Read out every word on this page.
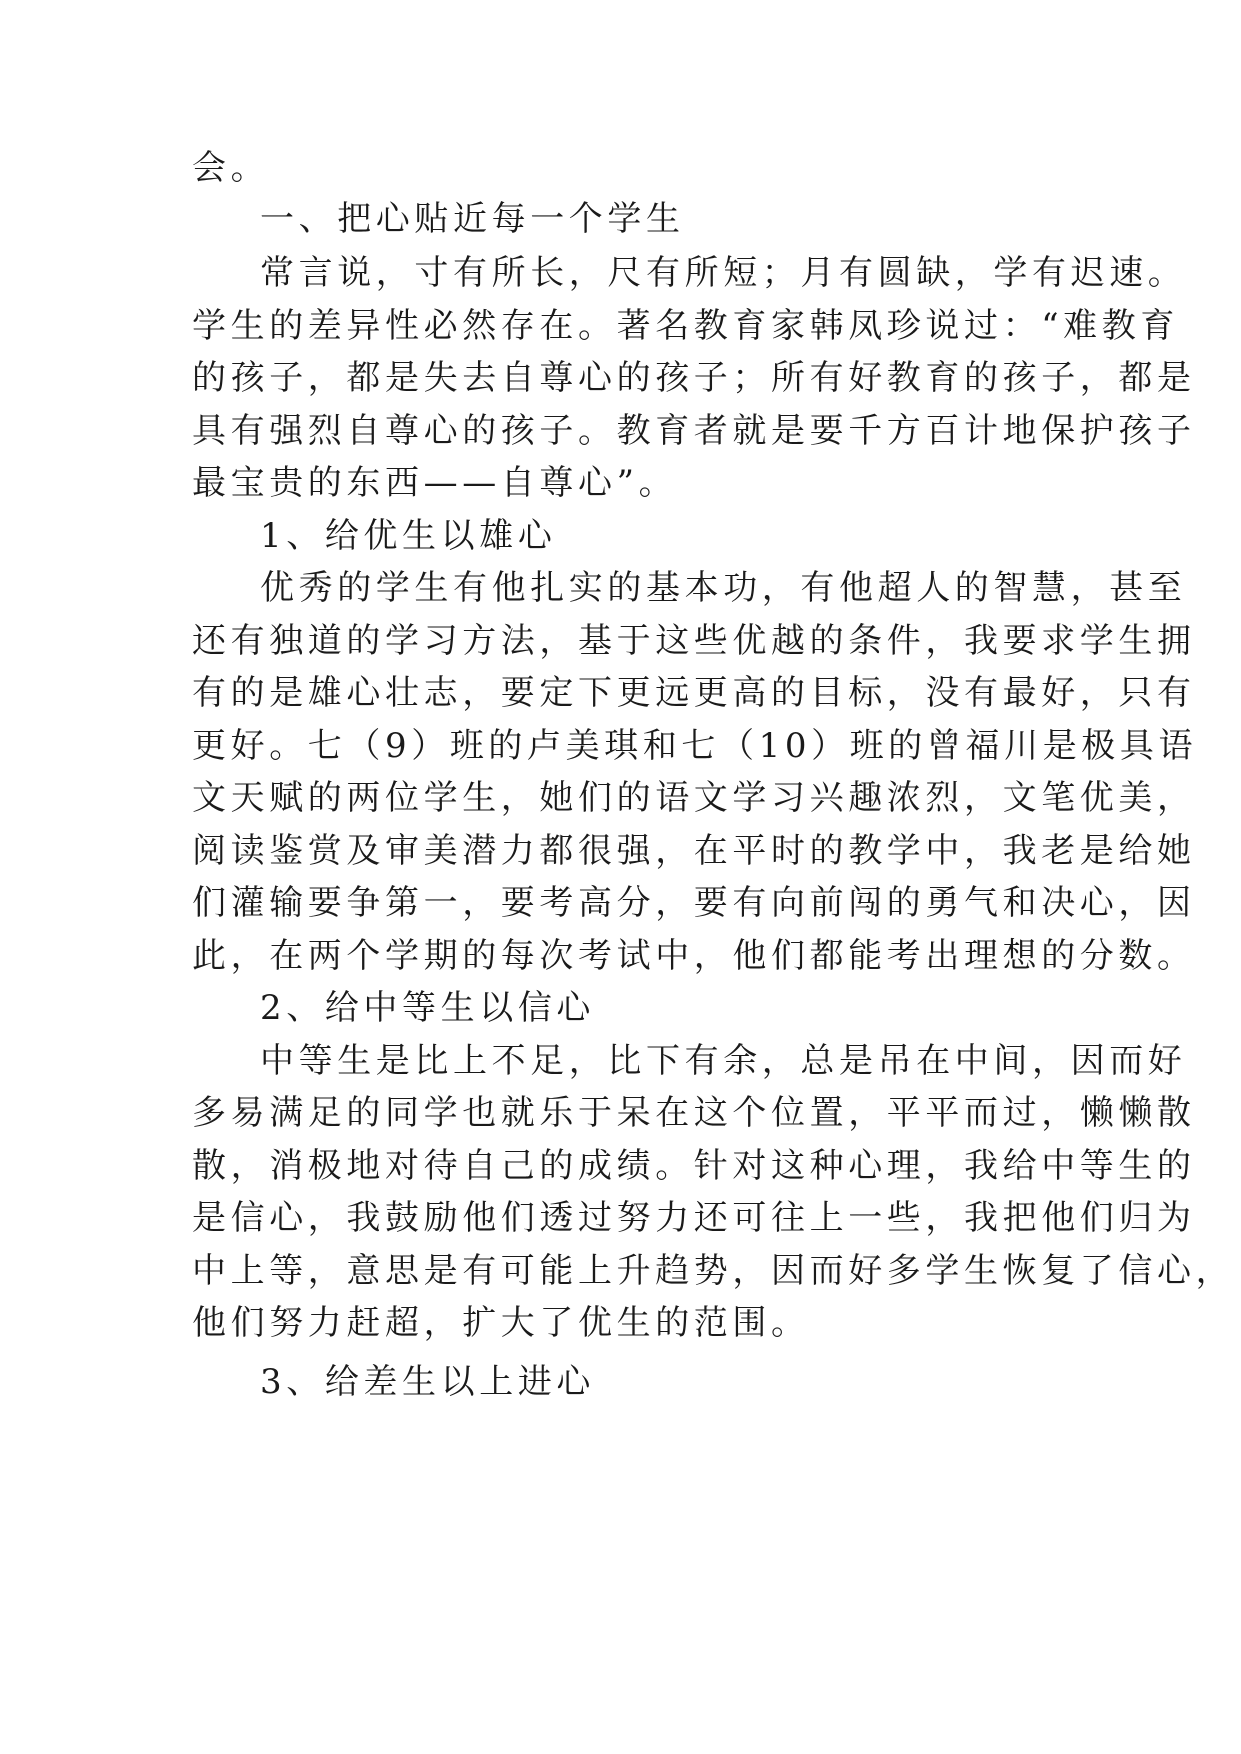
会。
一、把心贴近每一个学生
常言说，寸有所长，尺有所短；月有圆缺，学有迟速。
学生的差异性必然存在。著名教育家韩凤珍说过：“难教育
的孩子，都是失去自尊心的孩子；所有好教育的孩子，都是
具有强烈自尊心的孩子。教育者就是要千方百计地保护孩子
最宝贵的东西——自尊心”。
1、给优生以雄心
优秀的学生有他扎实的基本功，有他超人的智慧，甚至
还有独道的学习方法，基于这些优越的条件，我要求学生拥
有的是雄心壮志，要定下更远更高的目标，没有最好，只有
更好。七（9）班的卢美琪和七（10）班的曾福川是极具语
文天赋的两位学生，她们的语文学习兴趣浓烈，文笔优美，
阅读鉴赏及审美潜力都很强，在平时的教学中，我老是给她
们灌输要争第一，要考高分，要有向前闯的勇气和决心，因
此，在两个学期的每次考试中，他们都能考出理想的分数。
2、给中等生以信心
中等生是比上不足，比下有余，总是吊在中间，因而好
多易满足的同学也就乐于呆在这个位置，平平而过，懒懒散
散，消极地对待自己的成绩。针对这种心理，我给中等生的
是信心，我鼓励他们透过努力还可往上一些，我把他们归为
中上等，意思是有可能上升趋势，因而好多学生恢复了信心，
他们努力赶超，扩大了优生的范围。
3、给差生以上进心
